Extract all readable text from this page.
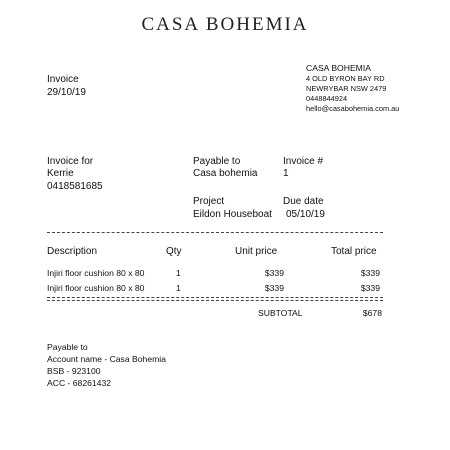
CASA BOHEMIA
Invoice
29/10/19
CASA BOHEMIA
4 OLD BYRON BAY RD
NEWRYBAR NSW 2479
0448844924
hello@casabohemia.com.au
Invoice for
Kerrie
0418581685
Payable to
Casa bohemia
Invoice #
1
Project
Eildon Houseboat
Due date
05/10/19
Description	Qty	Unit price	Total price
Injiri floor cushion 80 x 80	1	$339	$339
Injiri floor cushion 80 x 80	1	$339	$339
SUBTOTAL	$678
Payable to
Account name - Casa Bohemia
BSB - 923100
ACC - 68261432
